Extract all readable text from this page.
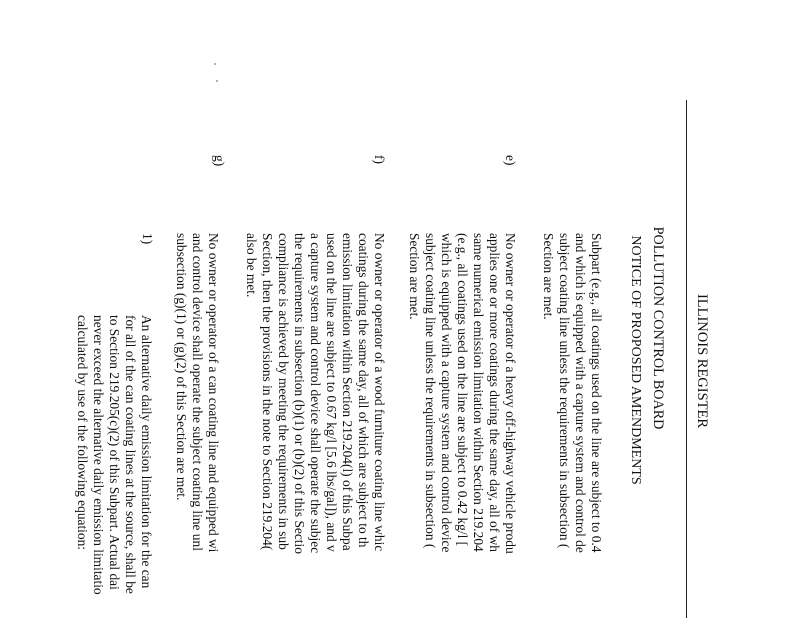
ILLINOIS REGISTER
POLLUTION CONTROL BOARD
NOTICE OF PROPOSED AMENDMENTS
Subpart (e.g., all coatings used on the line are subject to 0.4
and which is equipped with a capture system and control de
subject coating line unless the requirements in subsection (
Section are met.
e)
No owner or operator of a heavy off-highway vehicle produ
applies one or more coatings during the same day, all of wh
same numerical emission limitation within Section 219.204
(e.g., all coatings used on the line are subject to 0.42 kg/l [
which is equipped with a capture system and control device
subject coating line unless the requirements in subsection (
Section are met.
f)
No owner or operator of a wood furniture coating line whic
coatings during the same day, all of which are subject to th
emission limitation within Section 219.204(l) of this Subpa
used on the line are subject to 0.67 kg/l [5.6 lbs/gal]), and v
a capture system and control device shall operate the subjec
the requirements in subsection (b)(1) or (b)(2) of this Sectio
compliance is achieved by meeting the requirements in sub
Section, then the provisions in the note to Section 219.204(
also be met.
g)
No owner or operator of a can coating line and equipped wi
and control device shall operate the subject coating line unl
subsection (g)(1) or (g)(2) of this Section are met.
1)
An alternative daily emission limitation for the can
for all of the can coating lines at the source, shall be
to Section 219.205(c)(2) of this Subpart. Actual dai
never exceed the alternative daily emission limitatio
calculated by use of the following equation:
